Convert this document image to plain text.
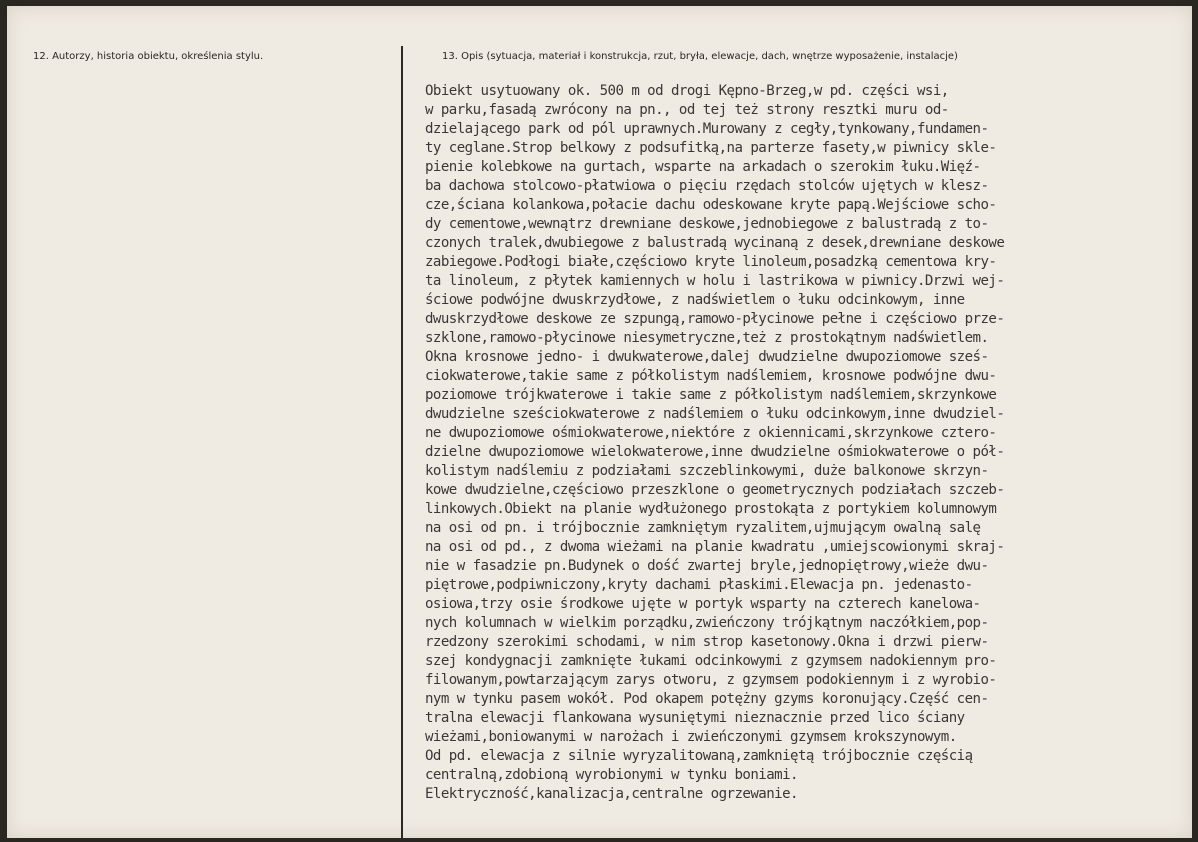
12. Autorzy, historia obiektu, określenia stylu.	13. Opis (sytuacja, materiał i konstrukcja, rzut, bryła, elewacje, dach, wnętrze wyposażenie, instalacje)
Obiekt usytuowany ok. 500 m od drogi Kępno-Brzeg,w pd. części wsi,
w parku,fasadą zwrócony na pn., od tej też strony resztki muru od-
dzielającego park od pól uprawnych.Murowany z cegły,tynkowany,fundamen-
ty ceglane.Strop belkowy z podsufitką,na parterze fasety,w piwnicy skle-
pienie kolebkowe na gurtach, wsparte na arkadach o szerokim łuku.Więź-
ba dachowa stolcowo-płatwiowa o pięciu rzędach stolców ujętych w klesz-
cze,ściana kolankowa,połacie dachu odeskowane kryte papą.Wejściowe scho-
dy cementowe,wewnątrz drewniane deskowe,jednobiegowe z balustradą z to-
czonych tralek,dwubiegowe z balustradą wycinaną z desek,drewniane deskowe
zabiegowe.Podłogi białe,częściowo kryte linoleum,posadzką cementowa kry-
ta linoleum, z płytek kamiennych w holu i lastrikowa w piwnicy.Drzwi wej-
ściowe podwójne dwuskrzydłowe, z nadświetlem o łuku odcinkowym, inne
dwuskrzydłowe deskowe ze szpungą,ramowo-płycinowe pełne i częściowo prze-
szklone,ramowo-płycinowe niesymetryczne,też z prostokątnym nadświetlem.
Okna krosnowe jedno- i dwukwaterowe,dalej dwudzielne dwupoziomowe sześ-
ciokwaterowe,takie same z półkolistym nadślemiem, krosnowe podwójne dwu-
poziomowe trójkwaterowe i takie same z półkolistym nadślemiem,skrzynkowe
dwudzielne sześciokwaterowe z nadślemiem o łuku odcinkowym,inne dwudziel-
ne dwupoziomowe ośmiokwaterowe,niektóre z okiennicami,skrzynkowe cztero-
dzielne dwupoziomowe wielokwaterowe,inne dwudzielne ośmiokwaterowe o pół-
kolistym nadślemiu z podziałami szczeblinkowymi, duże balkonowe skrzyn-
kowe dwudzielne,częściowo przeszklone o geometrycznych podziałach szczeb-
linkowych.Obiekt na planie wydłużonego prostokąta z portykiem kolumnowym
na osi od pn. i trójbocznie zamkniętym ryzalitem,ujmującym owalną salę
na osi od pd., z dwoma wieżami na planie kwadratu ,umiejscowionymi skraj-
nie w fasadzie pn.Budynek o dość zwartej bryle,jednopiętrowy,wieże dwu-
piętrowe,podpiwniczony,kryty dachami płaskimi.Elewacja pn. jedenasto-
osiowa,trzy osie środkowe ujęte w portyk wsparty na czterech kanelowa-
nych kolumnach w wielkim porządku,zwieńczony trójkątnym naczółkiem,pop-
rzedzony szerokimi schodami, w nim strop kasetonowy.Okna i drzwi pierw-
szej kondygnacji zamknięte łukami odcinkowymi z gzymsem nadokiennym pro-
filowanym,powtarzającym zarys otworu, z gzymsem podokiennym i z wyrobio-
nym w tynku pasem wokół. Pod okapem potężny gzyms koronujący.Część cen-
tralna elewacji flankowana wysuniętymi nieznacznie przed lico ściany
wieżami,boniowanymi w narożach i zwieńczonymi gzymsem krokszynowym.
Od pd. elewacja z silnie wyryzalitowaną,zamkniętą trójbocznie częścią
centralną,zdobioną wyrobionymi w tynku boniami.
Elektryczność,kanalizacja,centralne ogrzewanie.
